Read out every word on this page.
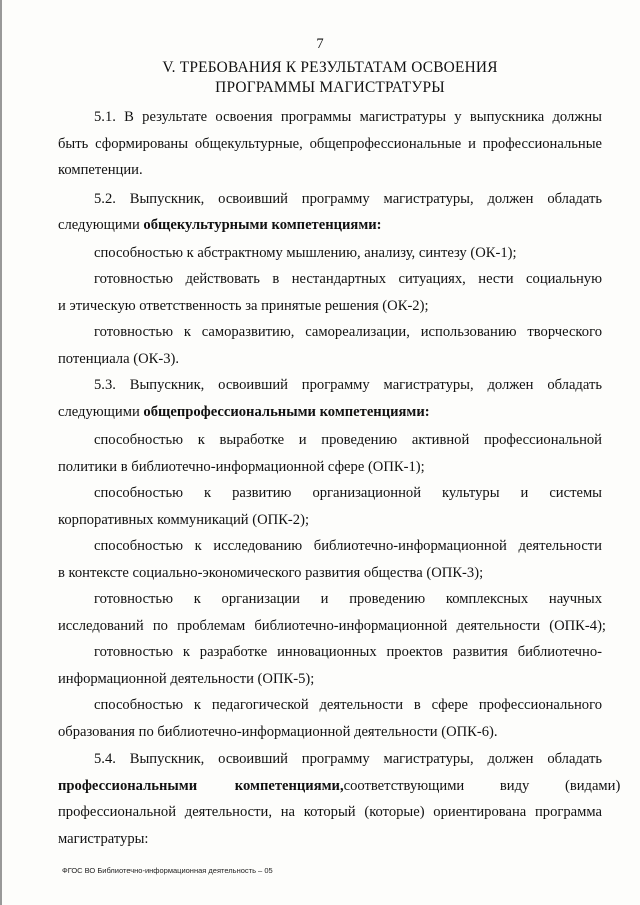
7
V. ТРЕБОВАНИЯ К РЕЗУЛЬТАТАМ ОСВОЕНИЯ
ПРОГРАММЫ МАГИСТРАТУРЫ
5.1. В результате освоения программы магистратуры у выпускника должны
быть сформированы общекультурные, общепрофессиональные и профессиональные
компетенции.
5.2. Выпускник, освоивший программу магистратуры, должен обладать
следующими общекультурными компетенциями:
способностью к абстрактному мышлению, анализу, синтезу (ОК-1);
готовностью действовать в нестандартных ситуациях, нести социальную
и этическую ответственность за принятые решения (ОК-2);
готовностью к саморазвитию, самореализации, использованию творческого
потенциала (ОК-3).
5.3. Выпускник, освоивший программу магистратуры, должен обладать
следующими общепрофессиональными компетенциями:
способностью к выработке и проведению активной профессиональной
политики в библиотечно-информационной сфере (ОПК-1);
способностью к развитию организационной культуры и системы
корпоративных коммуникаций (ОПК-2);
способностью к исследованию библиотечно-информационной деятельности
в контексте социально-экономического развития общества (ОПК-3);
готовностью к организации и проведению комплексных научных
исследований по проблемам библиотечно-информационной деятельности (ОПК-4);
готовностью к разработке инновационных проектов развития библиотечно-
информационной деятельности (ОПК-5);
способностью к педагогической деятельности в сфере профессионального
образования по библиотечно-информационной деятельности (ОПК-6).
5.4. Выпускник, освоивший программу магистратуры, должен обладать
профессиональными компетенциями, соответствующими виду (видами)
профессиональной деятельности, на который (которые) ориентирована программа
магистратуры:
ФГОС ВО Библиотечно-информационная деятельность – 05
